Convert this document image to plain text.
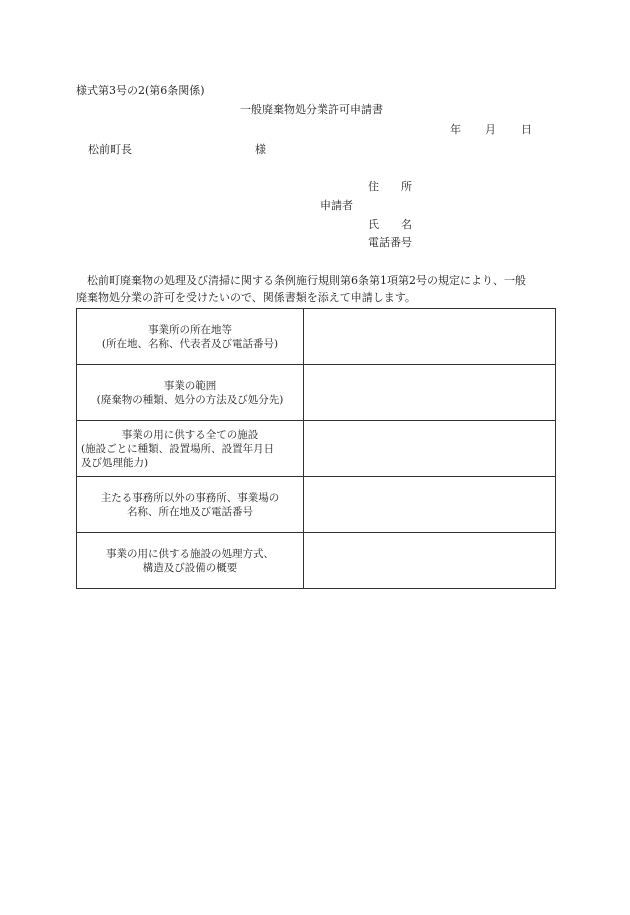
様式第3号の2(第6条関係)
一般廃棄物処分業許可申請書
年 月 日
松前町長	様
住　　所
申請者
氏　　名
電話番号
　松前町廃棄物の処理及び清掃に関する条例施行規則第6条第1項第2号の規定により、一般
廃棄物処分業の許可を受けたいので、関係書類を添えて申請します。
事業所の所在地等
(所在地、名称、代表者及び電話番号)	

事業の範囲
(廃棄物の種類、処分の方法及び処分先)	

事業の用に供する全ての施設
(施設ごとに種類、設置場所、設置年月日
及び処理能力)	

主たる事務所以外の事務所、事業場の
名称、所在地及び電話番号	

事業の用に供する施設の処理方式、
構造及び設備の概要	
